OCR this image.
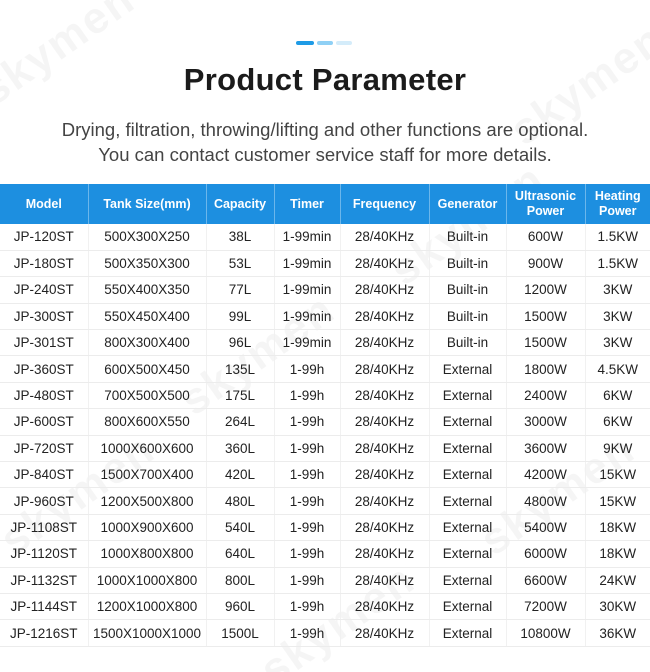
Product Parameter
Drying, filtration, throwing/lifting and other functions are optional.
You can contact customer service staff for more details.
Model	Tank Size(mm)	Capacity	Timer	Frequency	Generator	Ultrasonic Power	Heating Power
JP-120ST	500X300X250	38L	1-99min	28/40KHz	Built-in	600W	1.5KW
JP-180ST	500X350X300	53L	1-99min	28/40KHz	Built-in	900W	1.5KW
JP-240ST	550X400X350	77L	1-99min	28/40KHz	Built-in	1200W	3KW
JP-300ST	550X450X400	99L	1-99min	28/40KHz	Built-in	1500W	3KW
JP-301ST	800X300X400	96L	1-99min	28/40KHz	Built-in	1500W	3KW
JP-360ST	600X500X450	135L	1-99h	28/40KHz	External	1800W	4.5KW
JP-480ST	700X500X500	175L	1-99h	28/40KHz	External	2400W	6KW
JP-600ST	800X600X550	264L	1-99h	28/40KHz	External	3000W	6KW
JP-720ST	1000X600X600	360L	1-99h	28/40KHz	External	3600W	9KW
JP-840ST	1500X700X400	420L	1-99h	28/40KHz	External	4200W	15KW
JP-960ST	1200X500X800	480L	1-99h	28/40KHz	External	4800W	15KW
JP-1108ST	1000X900X600	540L	1-99h	28/40KHz	External	5400W	18KW
JP-1120ST	1000X800X800	640L	1-99h	28/40KHz	External	6000W	18KW
JP-1132ST	1000X1000X800	800L	1-99h	28/40KHz	External	6600W	24KW
JP-1144ST	1200X1000X800	960L	1-99h	28/40KHz	External	7200W	30KW
JP-1216ST	1500X1000X1000	1500L	1-99h	28/40KHz	External	10800W	36KW
